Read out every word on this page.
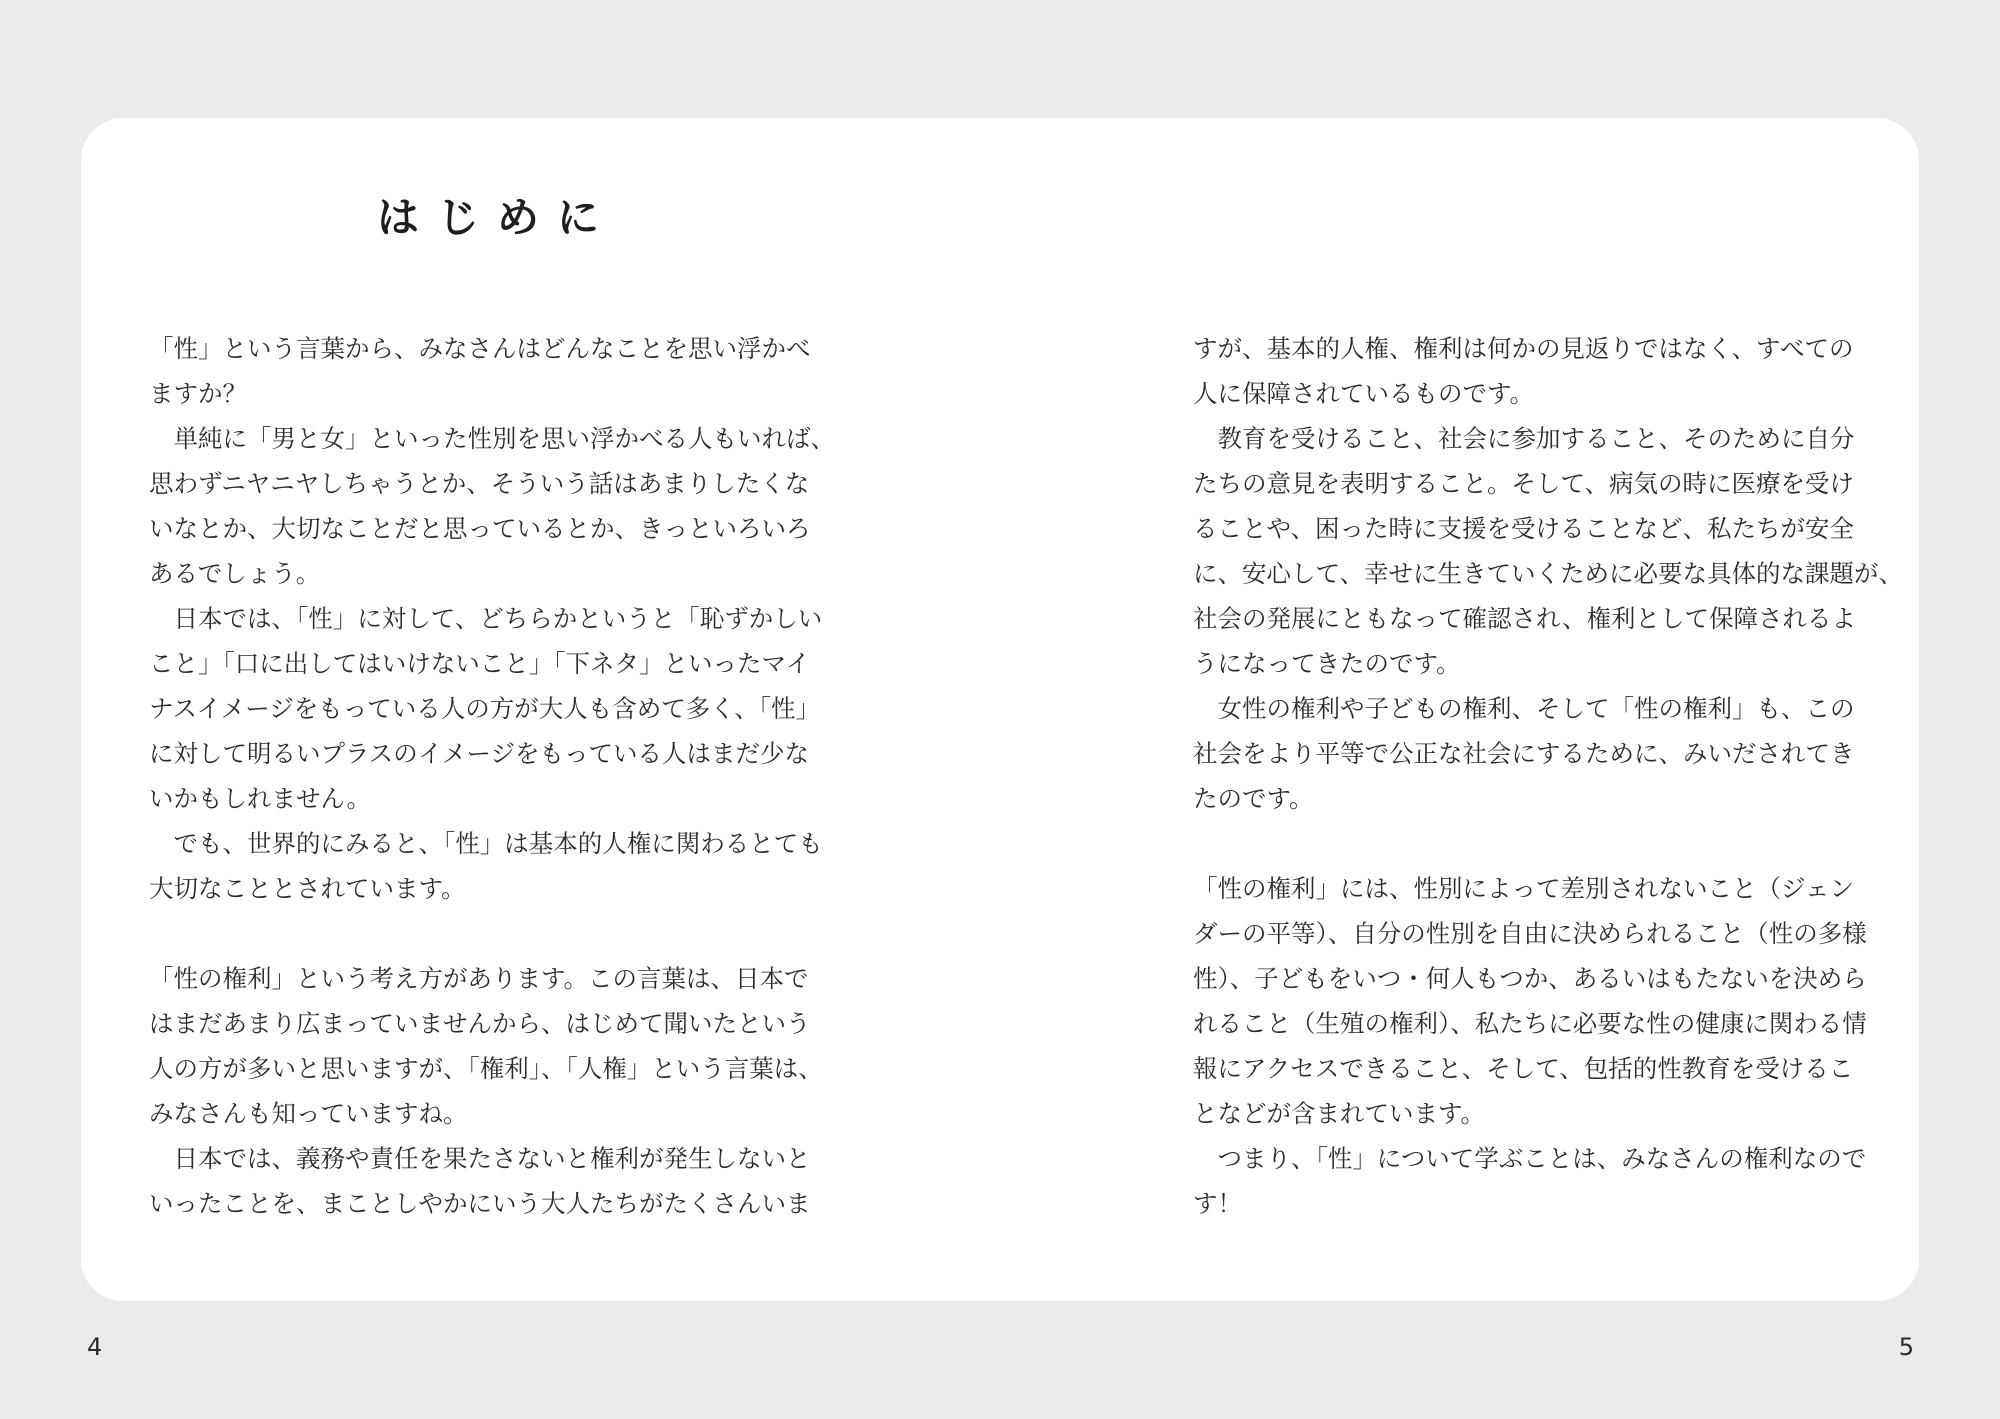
はじめに

「性」という言葉から、みなさんはどんなことを思い浮かべ

ますか？

単純に「男と女」といった性別を思い浮かべる人もいれば、

思わずニヤニヤしちゃうとか、そういう話はあまりしたくな

いなとか、大切なことだと思っているとか、きっといろいろ

あるでしょう。

日本では、「性」に対して、どちらかというと「恥ずかしい

こと」「口に出してはいけないこと」「下ネタ」といったマイ

ナスイメージをもっている人の方が大人も含めて多く、「性」

に対して明るいプラスのイメージをもっている人はまだ少な

いかもしれません。

でも、世界的にみると、「性」は基本的人権に関わるとても

大切なこととされています。

「性の権利」という考え方があります。この言葉は、日本で

はまだあまり広まっていませんから、はじめて聞いたという

人の方が多いと思いますが、「権利」、「人権」という言葉は、

みなさんも知っていますね。

日本では、義務や責任を果たさないと権利が発生しないと

いったことを、まことしやかにいう大人たちがたくさんいま

すが、基本的人権、権利は何かの見返りではなく、すべての

人に保障されているものです。

教育を受けること、社会に参加すること、そのために自分

たちの意見を表明すること。そして、病気の時に医療を受け

ることや、困った時に支援を受けることなど、私たちが安全

に、安心して、幸せに生きていくために必要な具体的な課題が、

社会の発展にともなって確認され、権利として保障されるよ

うになってきたのです。

女性の権利や子どもの権利、そして「性の権利」も、この

社会をより平等で公正な社会にするために、みいだされてき

たのです。

「性の権利」には、性別によって差別されないこと（ジェン

ダーの平等）、自分の性別を自由に決められること（性の多様

性）、子どもをいつ・何人もつか、あるいはもたないを決めら

れること（生殖の権利）、私たちに必要な性の健康に関わる情

報にアクセスできること、そして、包括的性教育を受けるこ

となどが含まれています。

つまり、「性」について学ぶことは、みなさんの権利なので

す！

4	5
